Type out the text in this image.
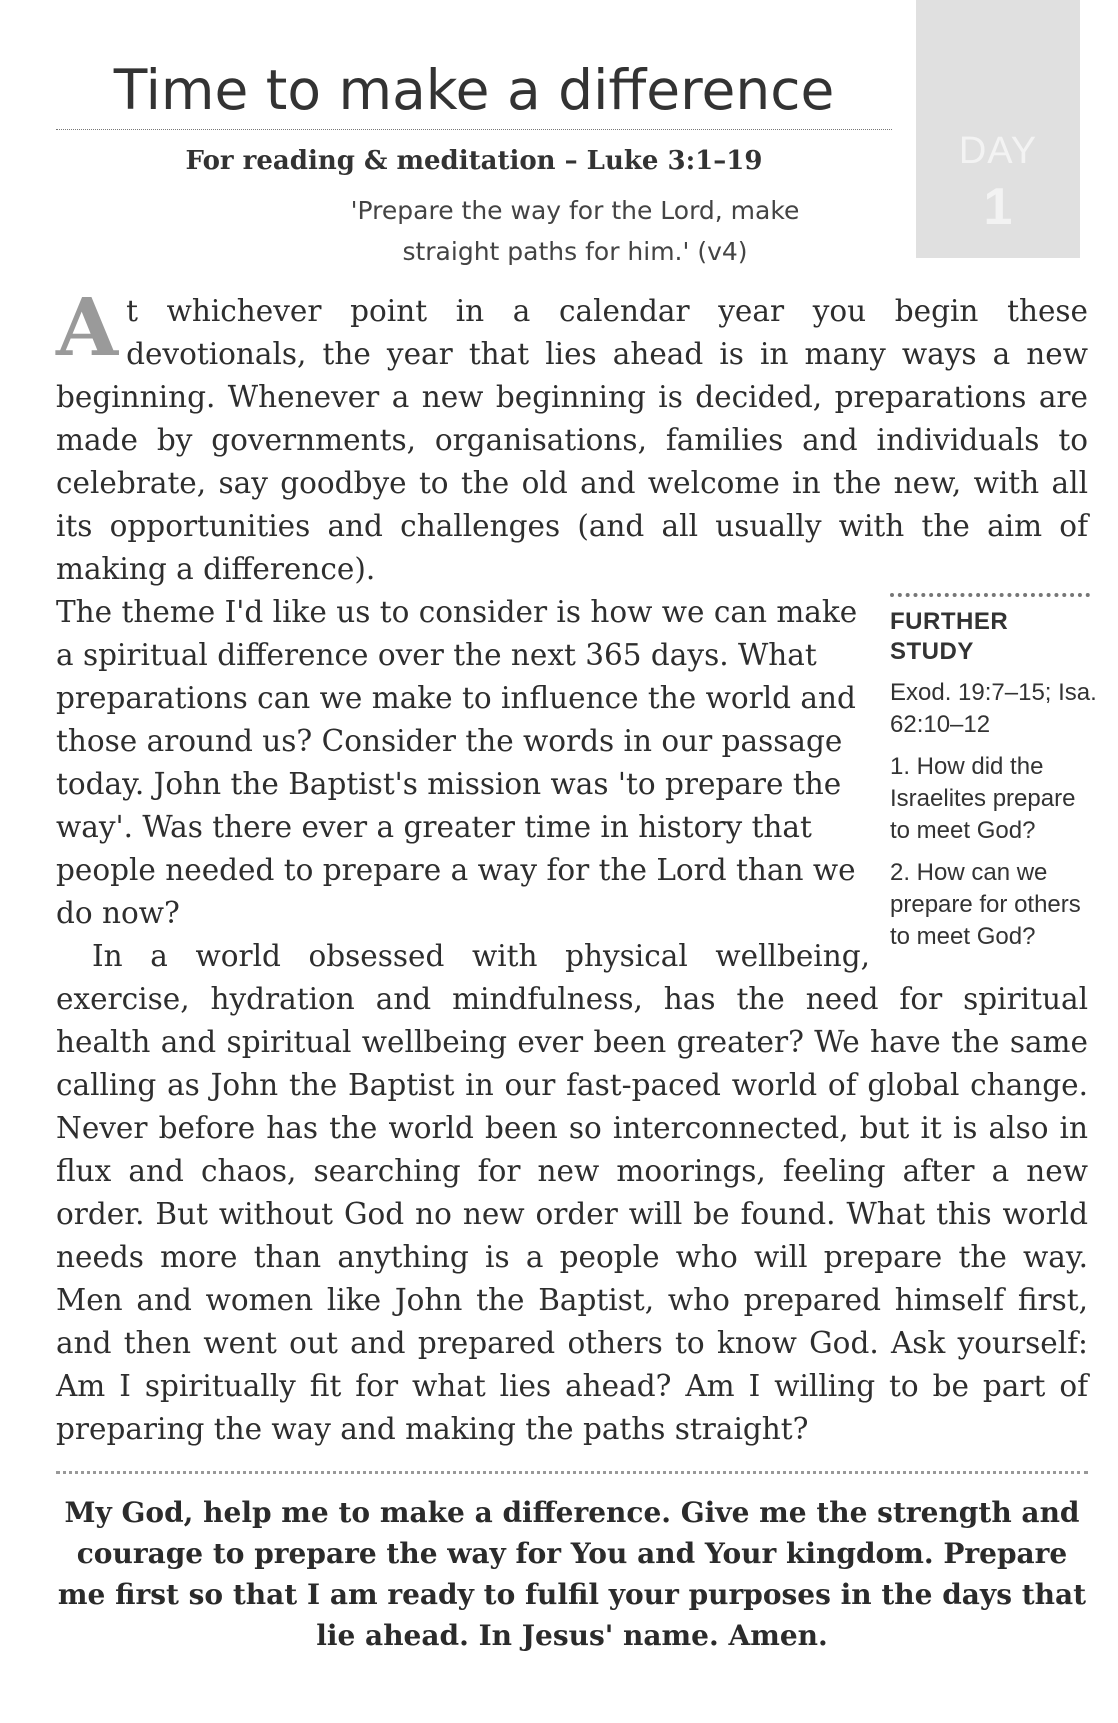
DAY
1
Time to make a difference

For reading & meditation – Luke 3:1–19

'Prepare the way for the Lord, make straight paths for him.' (v4)

At whichever point in a calendar year you begin these devotionals, the year that lies ahead is in many ways a new beginning. Whenever a new beginning is decided, preparations are made by governments, organisations, families and individuals to celebrate, say goodbye to the old and welcome in the new, with all its opportunities and challenges (and all usually with the aim of making a difference).

FURTHER STUDY
Exod. 19:7–15; Isa. 62:10–12
1. How did the Israelites prepare to meet God?
2. How can we prepare for others to meet God?
The theme I'd like us to consider is how we can make a spiritual difference over the next 365 days. What preparations can we make to influence the world and those around us? Consider the words in our passage today. John the Baptist's mission was 'to prepare the way'. Was there ever a greater time in history that people needed to prepare a way for the Lord than we do now?

In a world obsessed with physical wellbeing, exercise, hydration and mindfulness, has the need for spiritual health and spiritual wellbeing ever been greater? We have the same calling as John the Baptist in our fast-paced world of global change. Never before has the world been so interconnected, but it is also in flux and chaos, searching for new moorings, feeling after a new order. But without God no new order will be found. What this world needs more than anything is a people who will prepare the way. Men and women like John the Baptist, who prepared himself first, and then went out and prepared others to know God. Ask yourself: Am I spiritually fit for what lies ahead? Am I willing to be part of preparing the way and making the paths straight?

My God, help me to make a difference. Give me the strength and courage to prepare the way for You and Your kingdom. Prepare me first so that I am ready to fulfil your purposes in the days that lie ahead. In Jesus' name. Amen.
